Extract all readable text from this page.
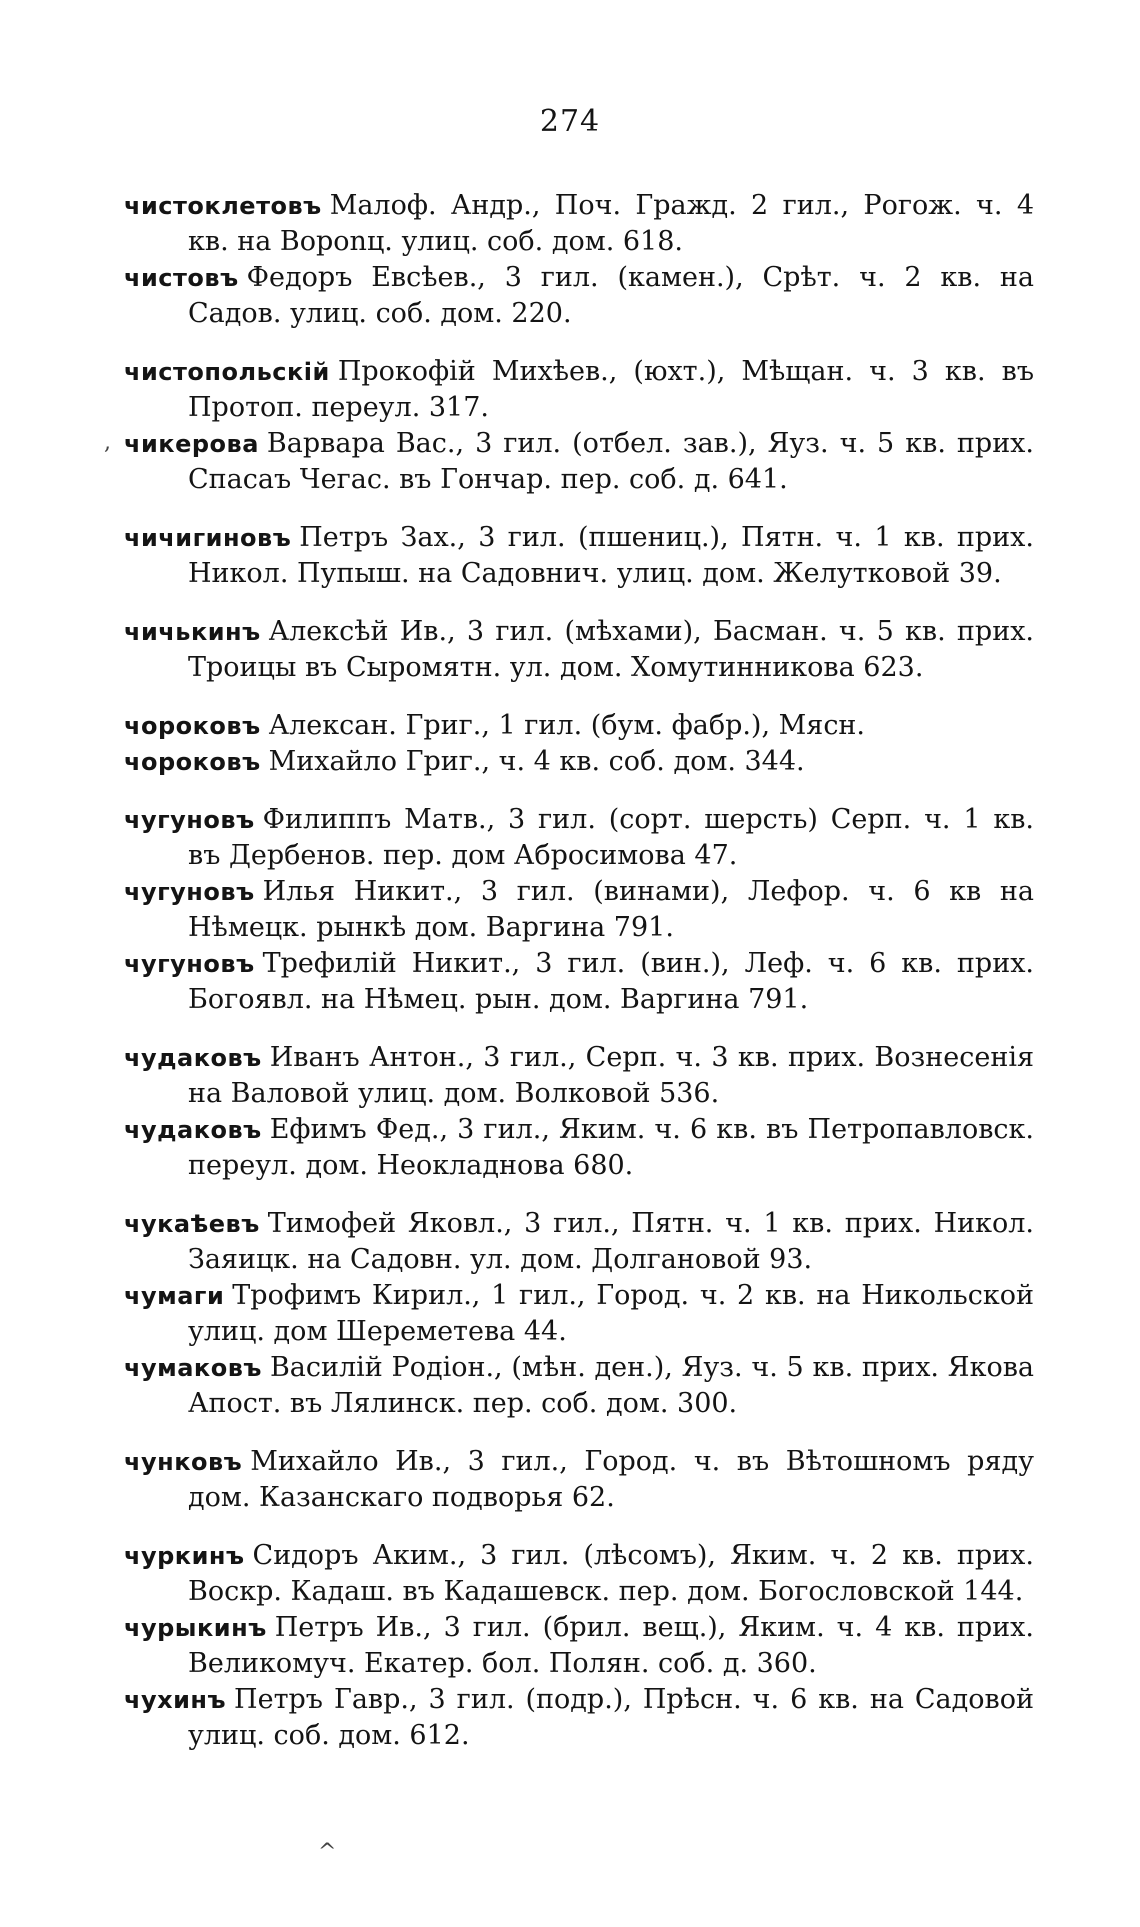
274

чистоклетовъ Малоф. Андр., Поч. Гражд. 2 гил., Рогож. ч. 4 кв. на Ворonц. улиц. соб. дом. 618.

чистовъ Федоръ Евсѣев., 3 гил. (камен.), Срѣт. ч. 2 кв. на Садов. улиц. соб. дом. 220.

чистопольскій Прокофій Михѣев., (юхт.), Мѣщан. ч. 3 кв. въ Протоп. переул. 317.

чикерова Варвара Вас., 3 гил. (отбел. зав.), Яуз. ч. 5 кв. прих. Спасаъ Чегас. въ Гончар. пер. соб. д. 641.

чичигиновъ Петръ Зах., 3 гил. (пшениц.), Пятн. ч. 1 кв. прих. Никол. Пупыш. на Садовнич. улиц. дом. Желутковой 39.

чичькинъ Алексѣй Ив., 3 гил. (мѣхами), Басман. ч. 5 кв. прих. Троицы въ Сыромятн. ул. дом. Хомутинникова 623.

чороковъ Алексан. Григ., 1 гил. (бум. фабр.), Мясн.

чороковъ Михайло Григ., ч. 4 кв. соб. дом. 344.

чугуновъ Филиппъ Матв., 3 гил. (сорт. шерсть) Серп. ч. 1 кв. въ Дербенов. пер. дом Абросимова 47.

чугуновъ Илья Никит., 3 гил. (винами), Лефор. ч. 6 кв на Нѣмецк. рынкѣ дом. Варгина 791.

чугуновъ Трефилій Никит., 3 гил. (вин.), Леф. ч. 6 кв. прих. Богоявл. на Нѣмец. рын. дом. Варгина 791.

чудаковъ Иванъ Антон., 3 гил., Серп. ч. 3 кв. прих. Вознесенія на Валовой улиц. дом. Волковой 536.

чудаковъ Ефимъ Фед., 3 гил., Яким. ч. 6 кв. въ Петропавловск. переул. дом. Неокладнова 680.

чукаѣевъ Тимофей Яковл., 3 гил., Пятн. ч. 1 кв. прих. Никол. Заяицк. на Садовн. ул. дом. Долгановой 93.

чумаги Трофимъ Кирил., 1 гил., Город. ч. 2 кв. на Никольской улиц. дом Шереметева 44.

чумаковъ Василій Родіон., (мѣн. ден.), Яуз. ч. 5 кв. прих. Якова Апост. въ Лялинск. пер. соб. дом. 300.

чунковъ Михайло Ив., 3 гил., Город. ч. въ Вѣтошномъ ряду дом. Казанскаго подворья 62.

чуркинъ Сидоръ Аким., 3 гил. (лѣсомъ), Яким. ч. 2 кв. прих. Воскр. Кадаш. въ Кадашевск. пер. дом. Богословской 144.

чурыкинъ Петръ Ив., 3 гил. (брил. вещ.), Яким. ч. 4 кв. прих. Великомуч. Екатер. бол. Полян. соб. д. 360.

чухинъ Петръ Гавр., 3 гил. (подр.), Прѣсн. ч. 6 кв. на Садовой улиц. соб. дом. 612.

,
^
